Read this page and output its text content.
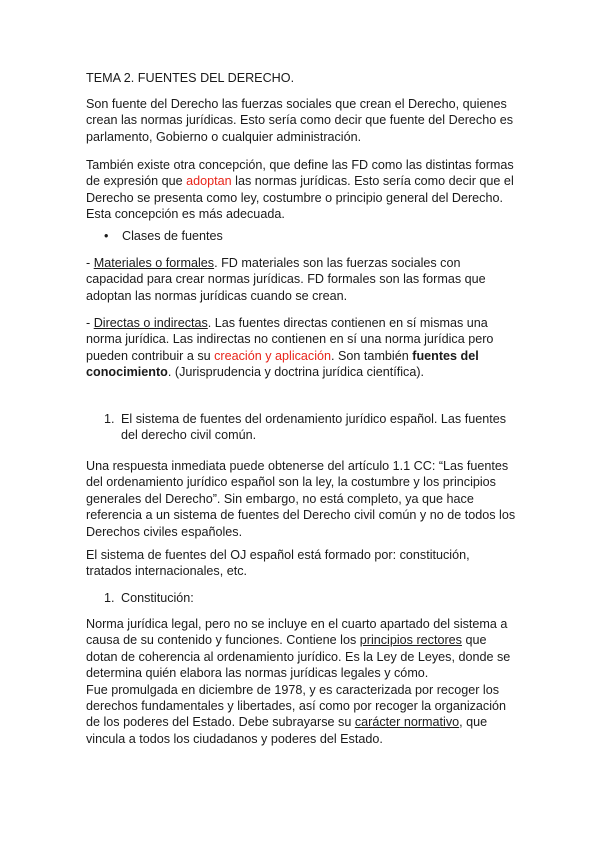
TEMA 2. FUENTES DEL DERECHO.

Son fuente del Derecho las fuerzas sociales que crean el Derecho, quienes crean las normas jurídicas. Esto sería como decir que fuente del Derecho es parlamento, Gobierno o cualquier administración.

También existe otra concepción, que define las FD como las distintas formas de expresión que adoptan las normas jurídicas. Esto sería como decir que el Derecho se presenta como ley, costumbre o principio general del Derecho. Esta concepción es más adecuada.

• Clases de fuentes

- Materiales o formales. FD materiales son las fuerzas sociales con capacidad para crear normas jurídicas. FD formales son las formas que adoptan las normas jurídicas cuando se crean.

- Directas o indirectas. Las fuentes directas contienen en sí mismas una norma jurídica. Las indirectas no contienen en sí una norma jurídica pero pueden contribuir a su creación y aplicación. Son también fuentes del conocimiento. (Jurisprudencia y doctrina jurídica científica).

1. El sistema de fuentes del ordenamiento jurídico español. Las fuentes del derecho civil común.

Una respuesta inmediata puede obtenerse del artículo 1.1 CC: “Las fuentes del ordenamiento jurídico español son la ley, la costumbre y los principios generales del Derecho”. Sin embargo, no está completo, ya que hace referencia a un sistema de fuentes del Derecho civil común y no de todos los Derechos civiles españoles.

El sistema de fuentes del OJ español está formado por: constitución, tratados internacionales, etc.

1. Constitución:

Norma jurídica legal, pero no se incluye en el cuarto apartado del sistema a causa de su contenido y funciones. Contiene los principios rectores que dotan de coherencia al ordenamiento jurídico. Es la Ley de Leyes, donde se determina quién elabora las normas jurídicas legales y cómo.
Fue promulgada en diciembre de 1978, y es caracterizada por recoger los derechos fundamentales y libertades, así como por recoger la organización de los poderes del Estado. Debe subrayarse su carácter normativo, que vincula a todos los ciudadanos y poderes del Estado.
